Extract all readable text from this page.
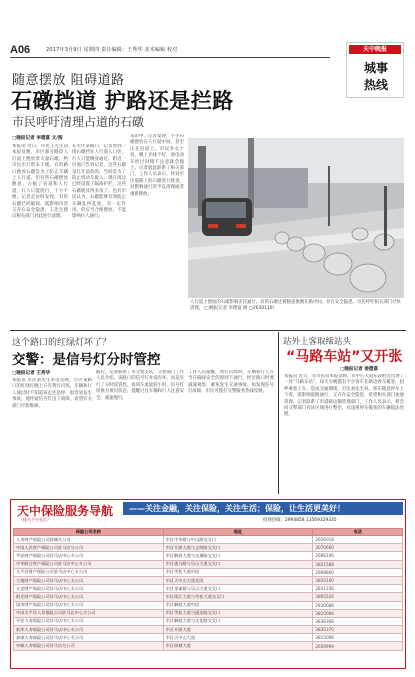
A06	2017年3月9日 星期四 责任编辑：王秀华 美术编辑 校对	天中晚报
城事
热线
随意摆放 阻碍道路
石礅挡道 护路还是拦路
市民呼吁清理占道的石礅
□晚报记者 李德富 文/图
本报讯 近日，市民王先生向本报反映，市区部分路段人行道上摆放着大量石礅，给市民出行带来不便。有的路口摆放石礅是为了防止车辆上人行道，但有些石礅摆放随意，占据了盲道和人行道，行人只能绕行，十分不便。记者走访时发现，有的石礅已经破损，既影响市容又存在安全隐患，王先生建议相关部门对此进行清理。
在市区某路口，记者看到一排石礅挡在人行道入口处，行人只能侧身通过。附近一位商户告诉记者，这些石礅是几年前放的，当时是为了防止机动车驶入，现在周边已经设置了隔离护栏，这些石礅就显得多余了。也有市民认为，石礅能够有效防止车辆乱停乱放，有一定作用，但应当合理摆放，不能影响行人通行。
采访中，记者发现，不少石礅摆放在人行道中间，甚至压在盲道上。市民李女士说，晚上光线不好，骑电动车经过时稍不注意就会撞上。记者就此联系了相关部门，工作人员表示，将对市区道路上的石礅进行排查，对影响通行的予以清理或者重新摆放。
人行道上摆放的石礅影响市民通行，有的石礅还被随意推倒在路中间，存在安全隐患。市民呼吁相关部门尽快清理。（□晚报记者 李德富 摄 □2630110）
这个路口的红绿灯坏了？
交警：是信号灯分时管控
□晚报记者 王秀华
本报讯 市民刘先生来电反映，市区某路口的红绿灯晚上只有黄灯闪烁，车辆和行人通过时不知道该走还是停，很容易发生事故，他怀疑信号灯出了故障，希望有关部门尽快维修。
随后，记者联系了市交警支队，交警部门工作人员介绍，该路口的信号灯并没有坏，而是实行了分时段管控。夜间车流量较小时，信号灯切换为黄闪状态，提醒过往车辆和行人注意安全，减速慢行。
工作人员提醒，黄灯闪烁时，车辆和行人应当在确保安全的原则下通行，经过路口时要减速观察，避免发生交通事故。如发现信号灯故障，市民可拨打交警服务热线反映。
站外上客取缔站头
“马路车站”又开张
□晚报记者 姜德富
本报讯 近日，有市民向本报反映，市中心大道东段附近出现了一处“马路车站”，每天早晚都有不少客车在路边停车揽客，招呼乘客上车，造成交通拥堵。市民刘先生说，客车随意停车上下客，既影响道路通行，又存在安全隐患，希望相关部门加强管理。记者联系了市道路运输管理部门，工作人员表示，将会同交警部门对该区域进行整治，对违规停车揽客的车辆依法处理。
天中保险服务导航
（排名不分先后）
——关注金融，关注保险，关注生活；保险，让生活更美好！
招商热线：2994858 13569329335
保险公司名称	地址	电话
人寿财产保险公司驿城支公司	市区中华路与中山路交叉口	2656018
中国人民财产保险公司驻马店分公司	市区开源大道与文明路交叉口	3070660
平安财产保险公司驻马店中心支公司	市区解放大道与交通路交叉口	2666106
中华联合财产保险公司驻马店中心支公司	市区骏马路与乐山大道交叉口	3821588
太平洋财产保险公司驻马店中心支公司	市区雪松大道中段	2908860
大地财产保险公司驻马店中心支公司	市区天中山大道北段	3820100
天安财产保险公司驻马店中心支公司	市区金雀路与乐山大道交叉口	2831236
阳光财产保险公司驻马店中心支公司	市区练江大道与雪松大道交叉口	3805526
国寿财产保险公司驻马店中心支公司	市区解放大道中段	2830088
中国太平洋人寿保险公司驻马店中心支公司	市区雪松大道与通达路交叉口	3810006
平安人寿保险公司驻马店中心支公司	市区解放大道与文化路交叉口	3836368
新华人寿保险公司驻马店中心支公司	市区开源大道	3835370
泰康人寿保险公司驻马店中心支公司	市区天中山大道	3815098
中邮人寿保险公司驻马店分公司	市区驿城大道	2659999
